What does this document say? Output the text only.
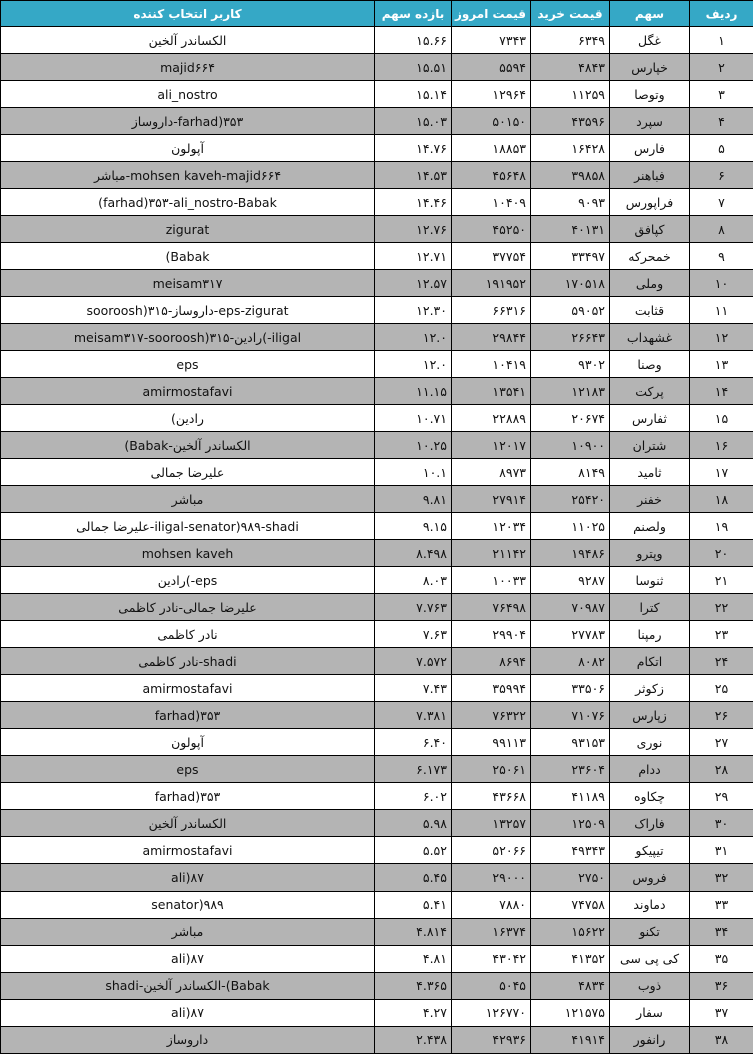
ردیف	سهم	قیمت خرید	قیمت امروز	بازده سهم	کاربر انتخاب کننده
۱	غگل	۶۳۴۹	۷۳۴۳	۱۵.۶۶	الکساندر آلخین
۲	خپارس	۴۸۴۳	۵۵۹۴	۱۵.۵۱	majid۶۶۴
۳	وتوصا	۱۱۲۵۹	۱۲۹۶۴	۱۵.۱۴	ali_nostro
۴	سپرد	۴۳۵۹۶	۵۰۱۵۰	۱۵.۰۳	farhad)۳۵۳-داروساز
۵	فارس	۱۶۴۲۸	۱۸۸۵۳	۱۴.۷۶	آپولون
۶	فباهنر	۳۹۸۵۸	۴۵۶۴۸	۱۴.۵۳	mohsen kaveh-majid۶۶۴-مباشر
۷	فراپورس	۹۰۹۳	۱۰۴۰۹	۱۴.۴۶	farhad)۳۵۳-ali_nostro-Babak)
۸	کپافق	۴۰۱۳۱	۴۵۲۵۰	۱۲.۷۶	zigurat
۹	خمحرکه	۳۳۴۹۷	۳۷۷۵۴	۱۲.۷۱	Babak)
۱۰	وملی	۱۷۰۵۱۸	۱۹۱۹۵۲	۱۲.۵۷	meisam۳۱۷
۱۱	قثابت	۵۹۰۵۲	۶۶۳۱۶	۱۲.۳۰	eps-zigurat-داروساز-sooroosh)۳۱۵
۱۲	غشهداب	۲۶۶۴۳	۲۹۸۴۴	۱۲.۰	iligal-)رادین-meisam۳۱۷-sooroosh)۳۱۵
۱۳	وصنا	۹۳۰۲	۱۰۴۱۹	۱۲.۰	eps
۱۴	پرکت	۱۲۱۸۳	۱۳۵۴۱	۱۱.۱۵	amirmostafavi
۱۵	ثفارس	۲۰۶۷۴	۲۲۸۸۹	۱۰.۷۱	رادین)
۱۶	شتران	۱۰۹۰۰	۱۲۰۱۷	۱۰.۲۵	الکساندر آلخین-Babak)
۱۷	ثامید	۸۱۴۹	۸۹۷۳	۱۰.۱	علیرضا جمالی
۱۸	خفنر	۲۵۴۲۰	۲۷۹۱۴	۹.۸۱	مباشر
۱۹	ولصنم	۱۱۰۲۵	۱۲۰۳۴	۹.۱۵	iligal-senator)۹۸۹-shadi-علیرضا جمالی
۲۰	وپترو	۱۹۴۸۶	۲۱۱۴۲	۸.۴۹۸	mohsen kaveh
۲۱	ثنوسا	۹۲۸۷	۱۰۰۳۳	۸.۰۳	eps-)رادین
۲۲	کترا	۷۰۹۸۷	۷۶۴۹۸	۷.۷۶۳	علیرضا جمالی-نادر کاظمی
۲۳	رمپنا	۲۷۷۸۳	۲۹۹۰۴	۷.۶۳	نادر کاظمی
۲۴	اتکام	۸۰۸۲	۸۶۹۴	۷.۵۷۲	shadi-نادر کاظمی
۲۵	زکوثر	۳۳۵۰۶	۳۵۹۹۴	۷.۴۳	amirmostafavi
۲۶	زپارس	۷۱۰۷۶	۷۶۳۲۲	۷.۳۸۱	farhad)۳۵۳
۲۷	نوری	۹۳۱۵۳	۹۹۱۱۳	۶.۴۰	آپولون
۲۸	ددام	۲۳۶۰۴	۲۵۰۶۱	۶.۱۷۳	eps
۲۹	چکاوه	۴۱۱۸۹	۴۳۶۶۸	۶.۰۲	farhad)۳۵۳
۳۰	فاراک	۱۲۵۰۹	۱۳۲۵۷	۵.۹۸	الکساندر آلخین
۳۱	تیپیکو	۴۹۳۴۳	۵۲۰۶۶	۵.۵۲	amirmostafavi
۳۲	فروس	۲۷۵۰	۲۹۰۰۰	۵.۴۵	ali)۸۷
۳۳	دماوند	۷۴۷۵۸	۷۸۸۰	۵.۴۱	senator)۹۸۹
۳۴	تکنو	۱۵۶۲۲	۱۶۳۷۴	۴.۸۱۴	مباشر
۳۵	کی پی سی	۴۱۳۵۲	۴۳۰۴۲	۴.۸۱	ali)۸۷
۳۶	ذوب	۴۸۳۴	۵۰۴۵	۴.۳۶۵	Babak)-الکساندر آلخین-shadi
۳۷	سفار	۱۲۱۵۷۵	۱۲۶۷۷۰	۴.۲۷	ali)۸۷
۳۸	رانفور	۴۱۹۱۴	۴۲۹۳۶	۲.۴۳۸	داروساز
